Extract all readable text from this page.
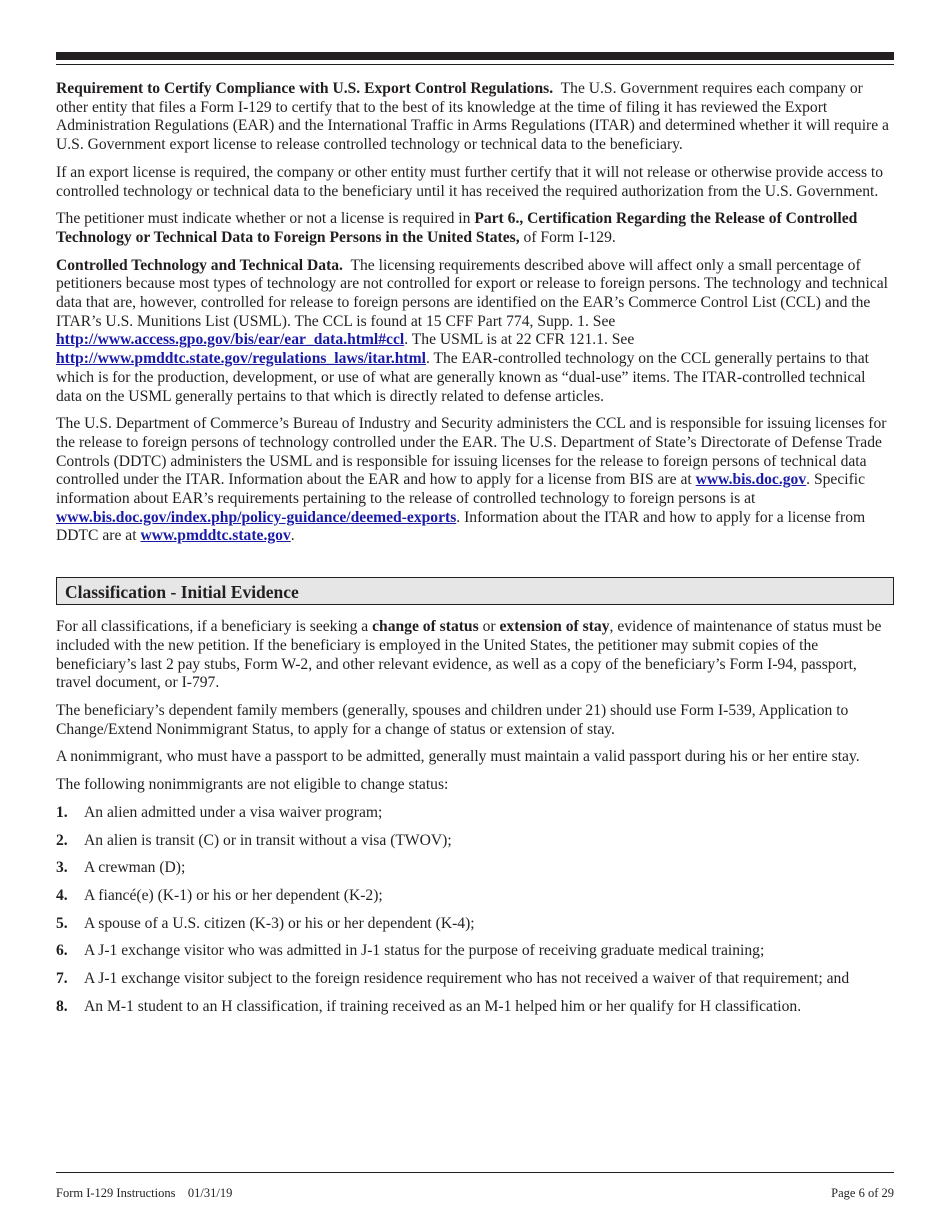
Requirement to Certify Compliance with U.S. Export Control Regulations. The U.S. Government requires each company or other entity that files a Form I-129 to certify that to the best of its knowledge at the time of filing it has reviewed the Export Administration Regulations (EAR) and the International Traffic in Arms Regulations (ITAR) and determined whether it will require a U.S. Government export license to release controlled technology or technical data to the beneficiary.

If an export license is required, the company or other entity must further certify that it will not release or otherwise provide access to controlled technology or technical data to the beneficiary until it has received the required authorization from the U.S. Government.

The petitioner must indicate whether or not a license is required in Part 6., Certification Regarding the Release of Controlled Technology or Technical Data to Foreign Persons in the United States, of Form I-129.

Controlled Technology and Technical Data. The licensing requirements described above will affect only a small percentage of petitioners because most types of technology are not controlled for export or release to foreign persons. The technology and technical data that are, however, controlled for release to foreign persons are identified on the EAR’s Commerce Control List (CCL) and the ITAR’s U.S. Munitions List (USML). The CCL is found at 15 CFF Part 774, Supp. 1. See http://www.access.gpo.gov/bis/ear/ear_data.html#ccl. The USML is at 22 CFR 121.1. See http://www.pmddtc.state.gov/regulations_laws/itar.html. The EAR-controlled technology on the CCL generally pertains to that which is for the production, development, or use of what are generally known as “dual-use” items. The ITAR-controlled technical data on the USML generally pertains to that which is directly related to defense articles.

The U.S. Department of Commerce’s Bureau of Industry and Security administers the CCL and is responsible for issuing licenses for the release to foreign persons of technology controlled under the EAR. The U.S. Department of State’s Directorate of Defense Trade Controls (DDTC) administers the USML and is responsible for issuing licenses for the release to foreign persons of technical data controlled under the ITAR. Information about the EAR and how to apply for a license from BIS are at www.bis.doc.gov. Specific information about EAR’s requirements pertaining to the release of controlled technology to foreign persons is at www.bis.doc.gov/index.php/policy-guidance/deemed-exports. Information about the ITAR and how to apply for a license from DDTC are at www.pmddtc.state.gov.

Classification - Initial Evidence

For all classifications, if a beneficiary is seeking a change of status or extension of stay, evidence of maintenance of status must be included with the new petition. If the beneficiary is employed in the United States, the petitioner may submit copies of the beneficiary’s last 2 pay stubs, Form W-2, and other relevant evidence, as well as a copy of the beneficiary’s Form I-94, passport, travel document, or I-797.

The beneficiary’s dependent family members (generally, spouses and children under 21) should use Form I-539, Application to Change/Extend Nonimmigrant Status, to apply for a change of status or extension of stay.

A nonimmigrant, who must have a passport to be admitted, generally must maintain a valid passport during his or her entire stay.

The following nonimmigrants are not eligible to change status:

1. An alien admitted under a visa waiver program;
2. An alien is transit (C) or in transit without a visa (TWOV);
3. A crewman (D);
4. A fiancé(e) (K-1) or his or her dependent (K-2);
5. A spouse of a U.S. citizen (K-3) or his or her dependent (K-4);
6. A J-1 exchange visitor who was admitted in J-1 status for the purpose of receiving graduate medical training;
7. A J-1 exchange visitor subject to the foreign residence requirement who has not received a waiver of that requirement; and
8. An M-1 student to an H classification, if training received as an M-1 helped him or her qualify for H classification.
Form I-129 Instructions    01/31/19	Page 6 of 29
